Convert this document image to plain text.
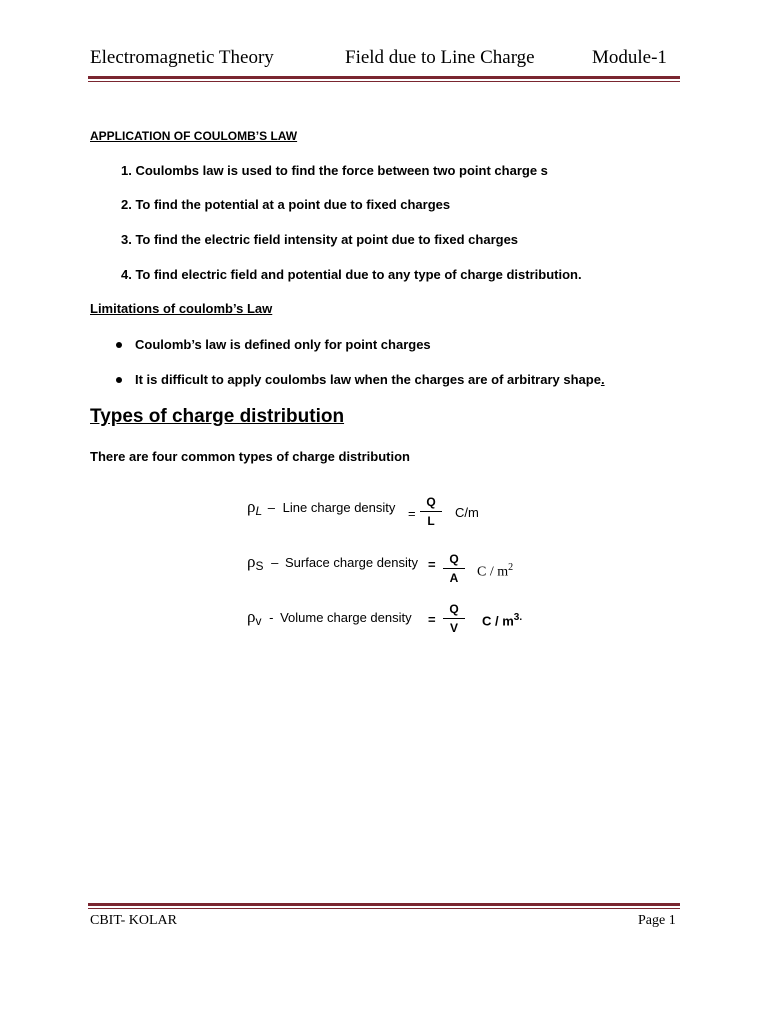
Electromagnetic Theory	Field due to Line Charge	Module-1
APPLICATION OF COULOMB’S LAW
1. Coulombs law is used to find the force between two point charge s
2. To find the potential at a point due to fixed charges
3. To find the electric field intensity at point due to fixed charges
4. To find electric field and potential due to any type of charge distribution.
Limitations of coulomb’s Law
Coulomb’s law is defined only for point charges
It is difficult to apply coulombs law when the charges are of arbitrary shape.
Types of charge distribution
There are four common types of charge distribution
ρL – Line charge density =
Q
L
C/m
ρS – Surface charge density =	Q
A	C / $m^2$
ρv - Volume charge density =
Q
V	C / $m^{3.}$
CBIT- KOLAR	Page 1
